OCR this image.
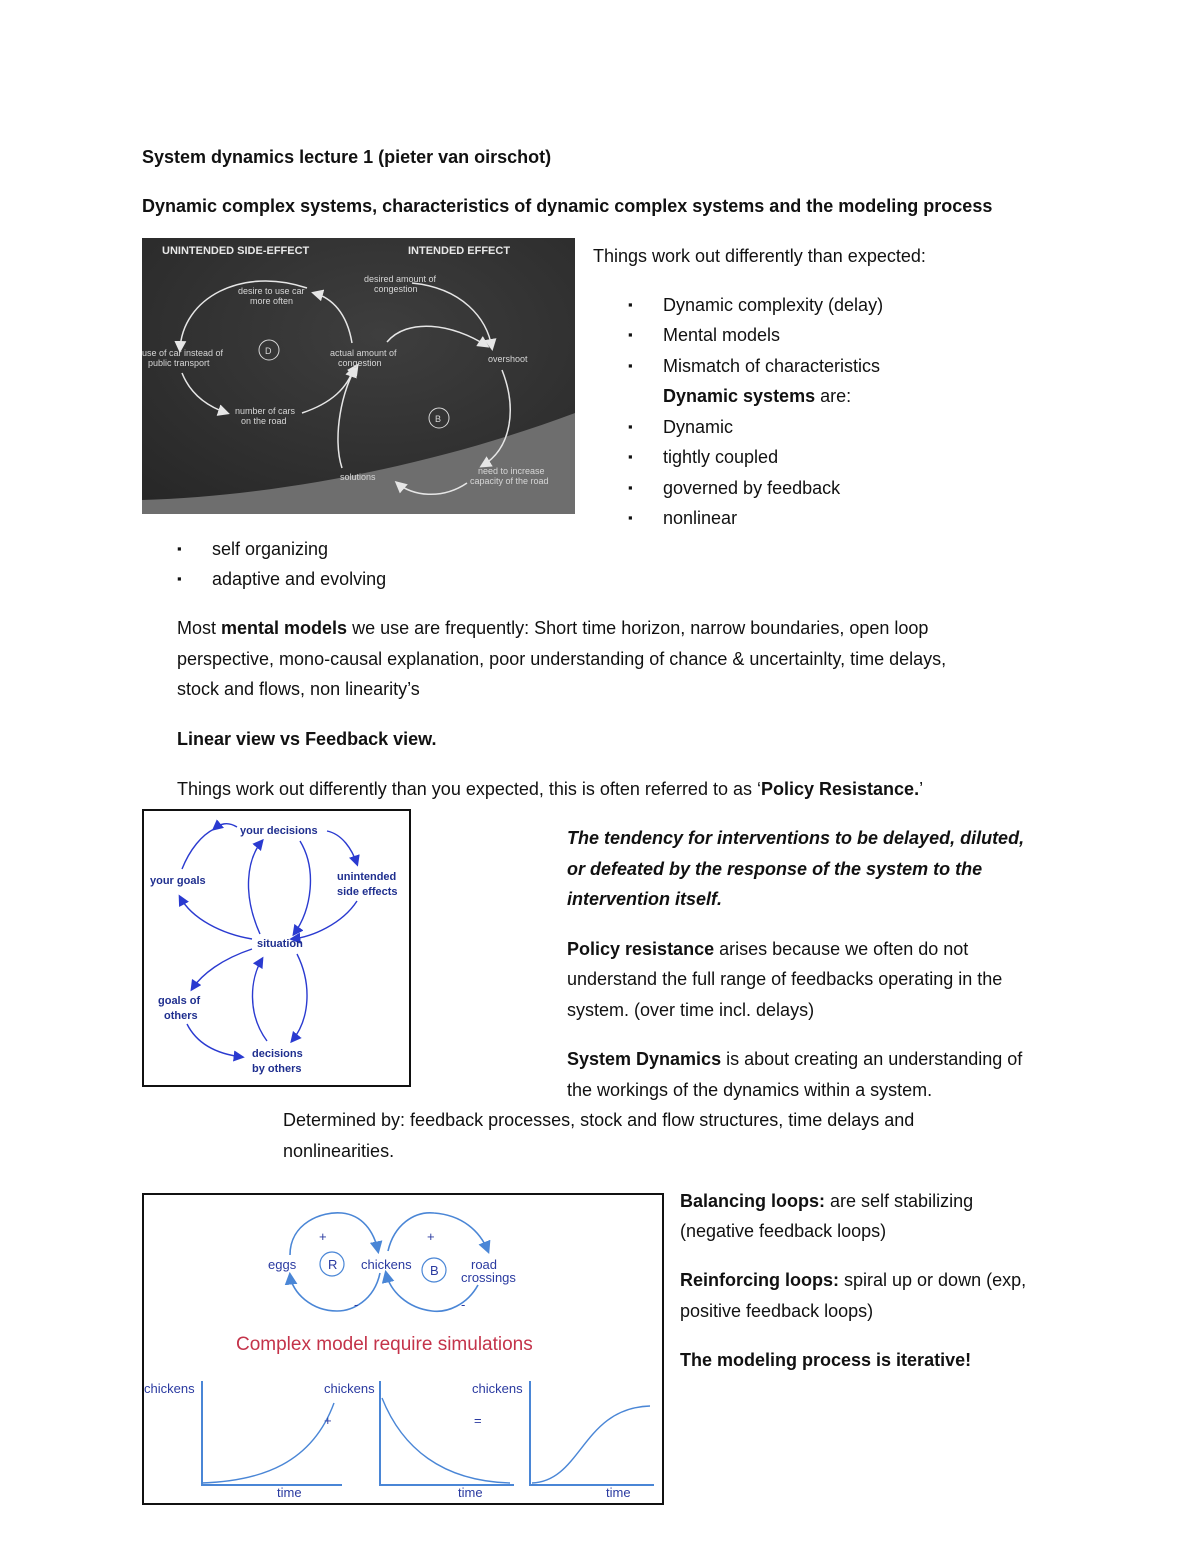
System dynamics lecture 1 (pieter van oirschot)
Dynamic complex systems, characteristics of dynamic complex systems and the modeling process
UNINTENDED SIDE-EFFECT	INTENDED EFFECT
D
B
desire to use car
more often
desired amount of
congestion
use of car instead of
public transport
actual amount of
congestion	overshoot
number of cars
on the road
solutions
need to increase
capacity of the road
Things work out differently than expected:
▪ Dynamic complexity (delay)
▪ Mental models
▪ Mismatch of characteristics
Dynamic systems are:
▪ Dynamic
▪ tightly coupled
▪ governed by feedback
▪ nonlinear
▪ self organizing
▪ adaptive and evolving
Most mental models we use are frequently: Short time horizon, narrow boundaries, open loop
perspective, mono-causal explanation, poor understanding of chance & uncertainlty, time delays,
stock and flows, non linearity’s
Linear view vs Feedback view.
Things work out differently than you expected, this is often referred to as ‘Policy Resistance.’
your decisions
your goals	unintended
side effects
situation
goals of
others
decisions
by others
The tendency for interventions to be delayed, diluted,
or defeated by the response of the system to the
intervention itself.
Policy resistance arises because we often do not
understand the full range of feedbacks operating in the
system. (over time incl. delays)
System Dynamics is about creating an understanding of
the workings of the dynamics within a system.
Determined by: feedback processes, stock and flow structures, time delays and
nonlinearities.
R	B
eggs	chickens	road
crossings
+	+
-	-
Complex model require simulations
chickens
time
chickens
+
time
chickens
=
time
Balancing loops: are self stabilizing
(negative feedback loops)
Reinforcing loops: spiral up or down (exp,
positive feedback loops)
The modeling process is iterative!
